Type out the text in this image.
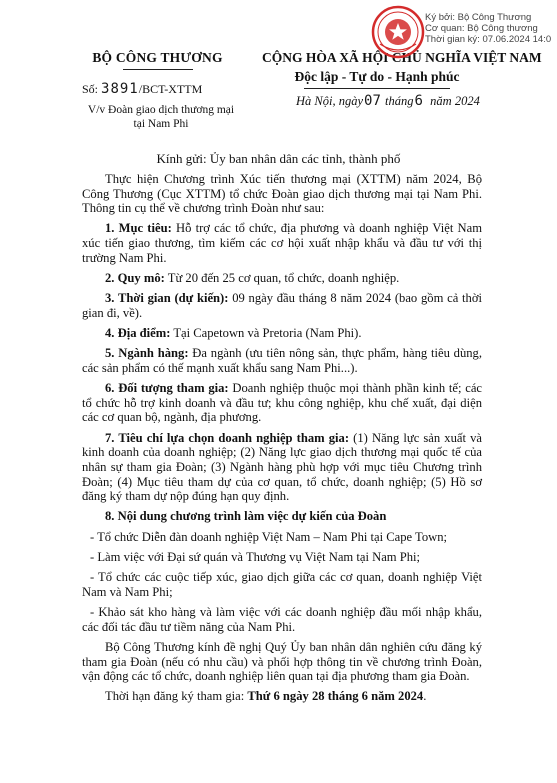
BỘ CÔNG THƯƠNG
Số: 3891/BCT-XTTM
V/v Đoàn giao dịch thương mại tại Nam Phi
CỘNG HÒA XÃ HỘI CHỦ NGHĨA VIỆT NAM
Độc lập - Tự do - Hạnh phúc
Hà Nội, ngày07 tháng6 năm 2024
Ký bởi: Bộ Công Thương
Cơ quan: Bộ Công thương
Thời gian ký: 07.06.2024 14:0
Kính gửi: Ủy ban nhân dân các tỉnh, thành phố

Thực hiện Chương trình Xúc tiến thương mại (XTTM) năm 2024, Bộ Công Thương (Cục XTTM) tổ chức Đoàn giao dịch thương mại tại Nam Phi. Thông tin cụ thể về chương trình Đoàn như sau:

1. Mục tiêu: Hỗ trợ các tổ chức, địa phương và doanh nghiệp Việt Nam xúc tiến giao thương, tìm kiếm các cơ hội xuất nhập khẩu và đầu tư với thị trường Nam Phi.

2. Quy mô: Từ 20 đến 25 cơ quan, tổ chức, doanh nghiệp.

3. Thời gian (dự kiến): 09 ngày đầu tháng 8 năm 2024 (bao gồm cả thời gian đi, về).

4. Địa điểm: Tại Capetown và Pretoria (Nam Phi).

5. Ngành hàng: Đa ngành (ưu tiên nông sản, thực phẩm, hàng tiêu dùng, các sản phẩm có thế mạnh xuất khẩu sang Nam Phi...).

6. Đối tượng tham gia: Doanh nghiệp thuộc mọi thành phần kinh tế; các tổ chức hỗ trợ kinh doanh và đầu tư; khu công nghiệp, khu chế xuất, đại diện các cơ quan bộ, ngành, địa phương.

7. Tiêu chí lựa chọn doanh nghiệp tham gia: (1) Năng lực sản xuất và kinh doanh của doanh nghiệp; (2) Năng lực giao dịch thương mại quốc tế của nhân sự tham gia Đoàn; (3) Ngành hàng phù hợp với mục tiêu Chương trình Đoàn; (4) Mục tiêu tham dự của cơ quan, tổ chức, doanh nghiệp; (5) Hồ sơ đăng ký tham dự nộp đúng hạn quy định.

8. Nội dung chương trình làm việc dự kiến của Đoàn

- Tổ chức Diễn đàn doanh nghiệp Việt Nam – Nam Phi tại Cape Town;

- Làm việc với Đại sứ quán và Thương vụ Việt Nam tại Nam Phi;

- Tổ chức các cuộc tiếp xúc, giao dịch giữa các cơ quan, doanh nghiệp Việt Nam và Nam Phi;

- Khảo sát kho hàng và làm việc với các doanh nghiệp đầu mối nhập khẩu, các đối tác đầu tư tiềm năng của Nam Phi.

Bộ Công Thương kính đề nghị Quý Ủy ban nhân dân nghiên cứu đăng ký tham gia Đoàn (nếu có nhu cầu) và phối hợp thông tin về chương trình Đoàn, vận động các tổ chức, doanh nghiệp liên quan tại địa phương tham gia Đoàn.

Thời hạn đăng ký tham gia: Thứ 6 ngày 28 tháng 6 năm 2024.
